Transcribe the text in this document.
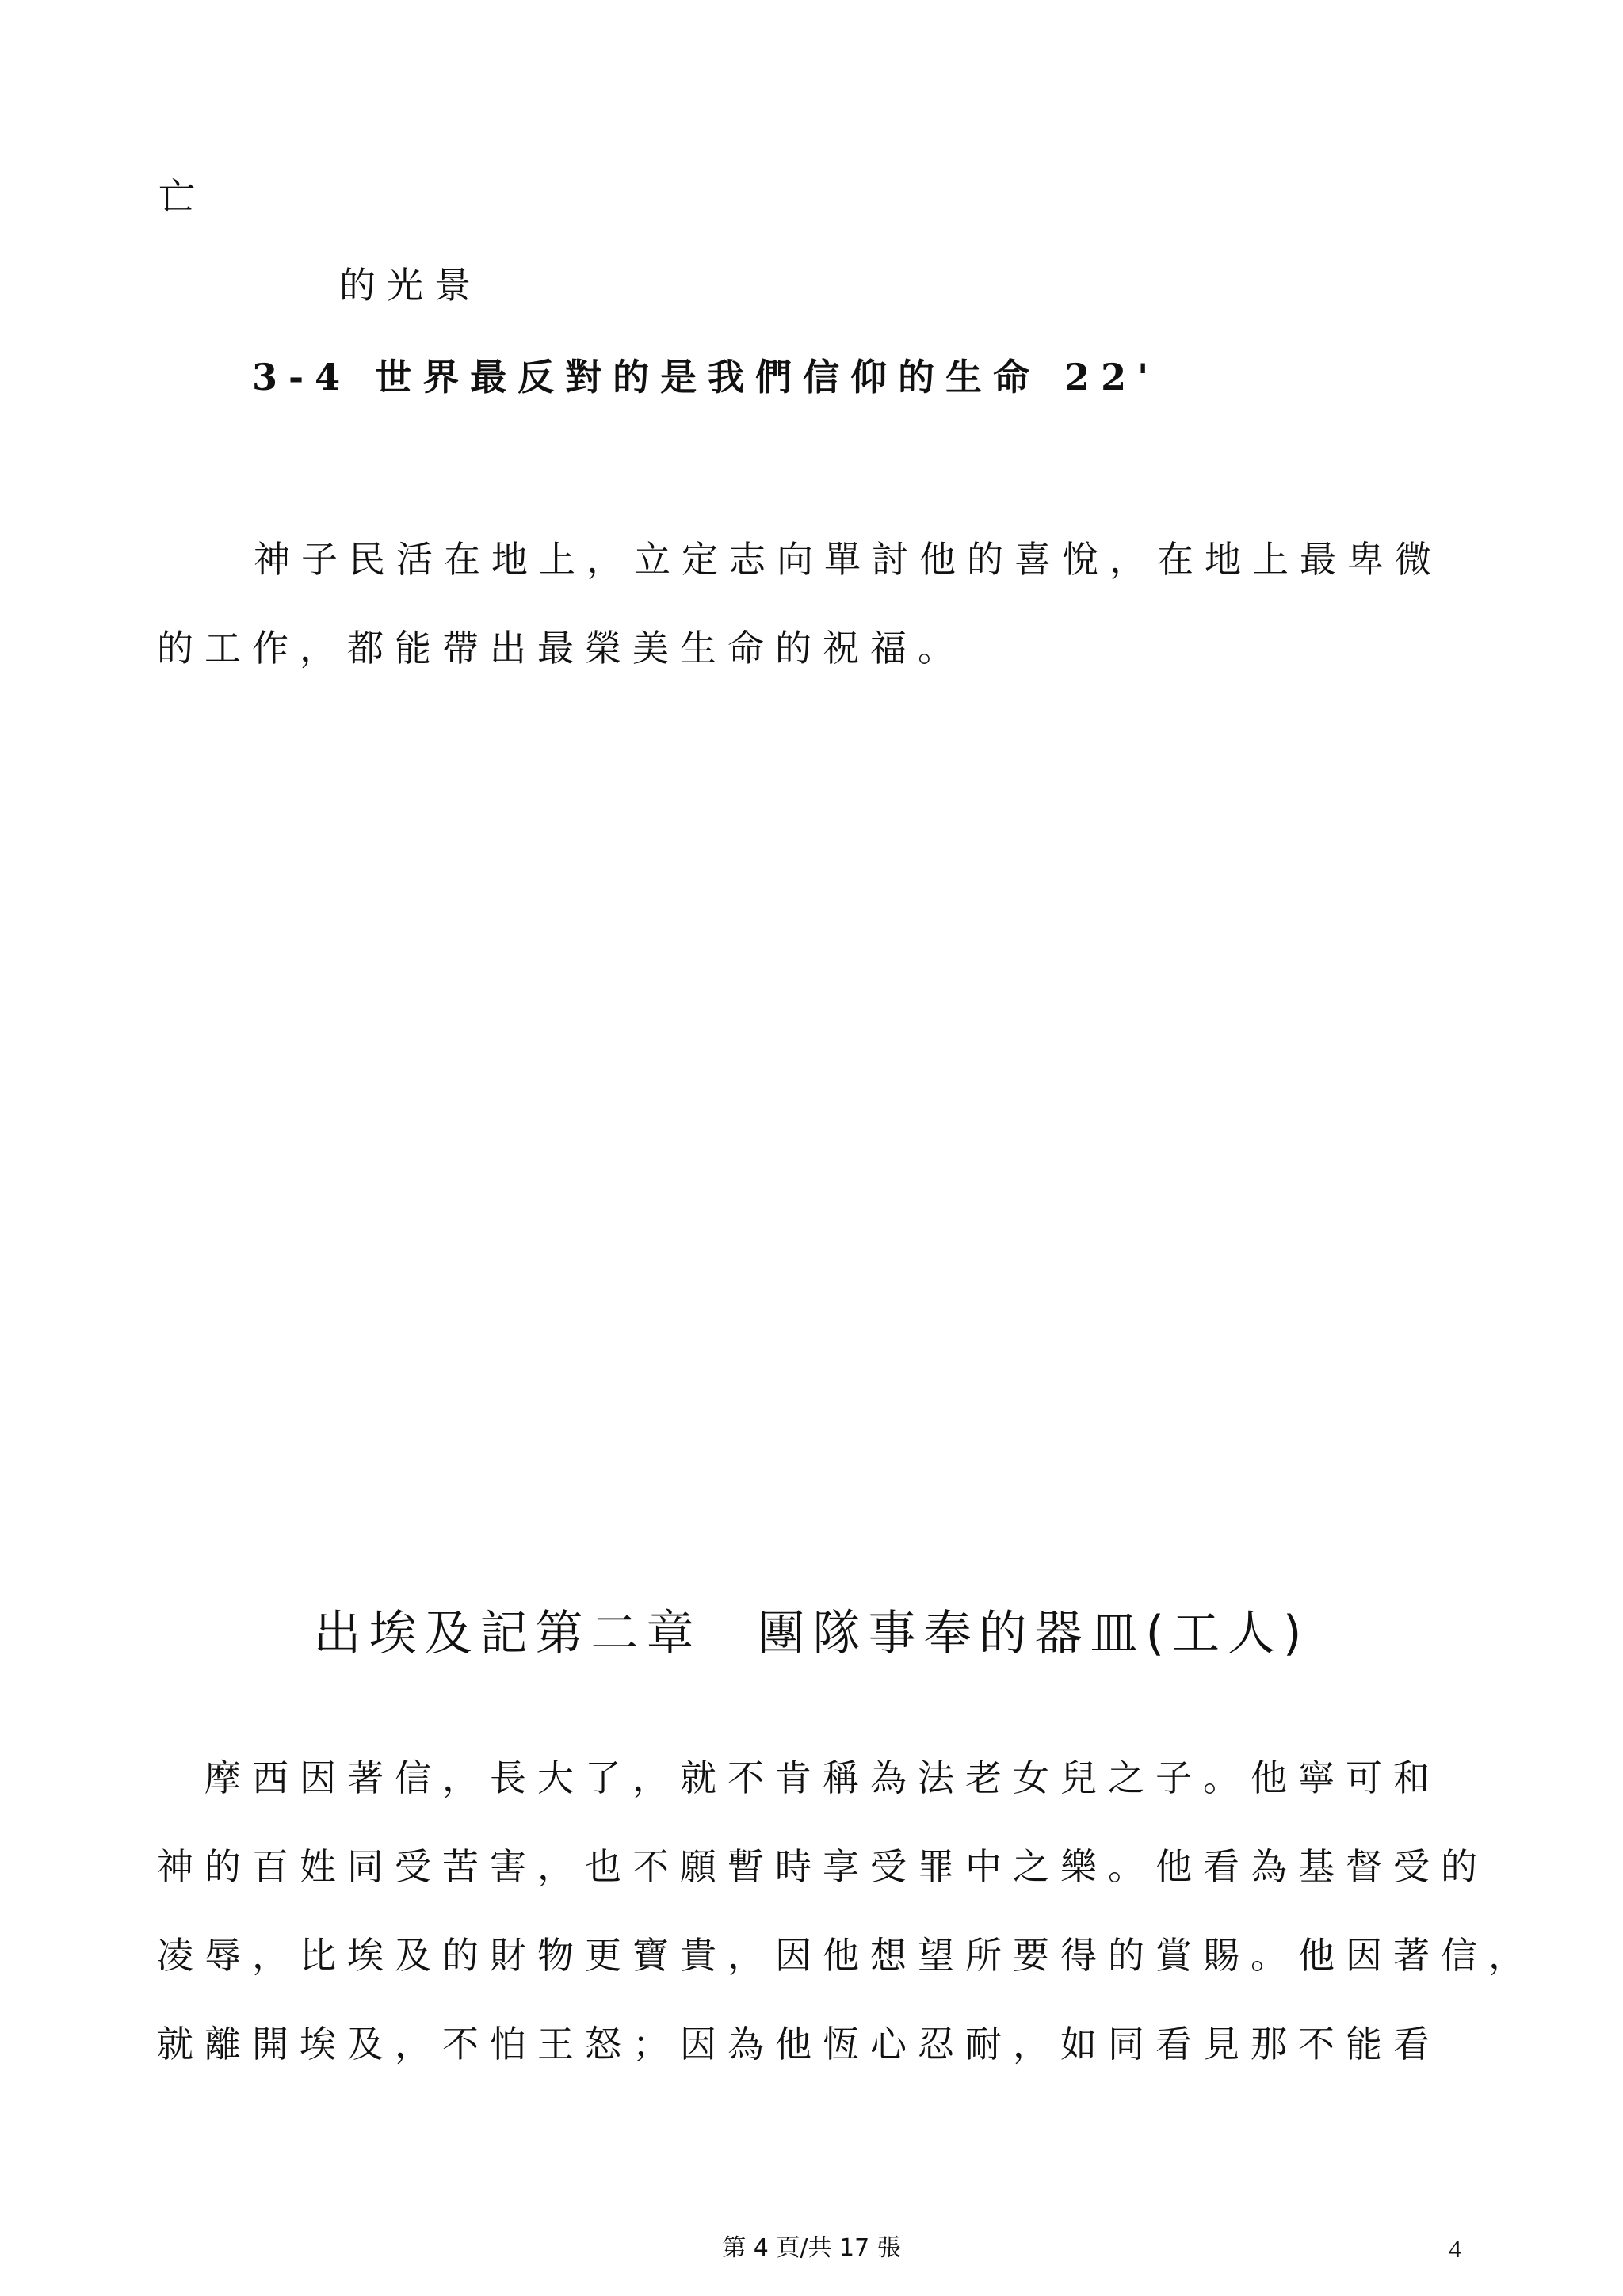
亡
的光景
3-4 世界最反對的是我們信仰的生命 22'
神子民活在地上，立定志向單討他的喜悅，在地上最卑微
的工作，都能帶出最榮美生命的祝福。
出埃及記第二章　團隊事奉的器皿(工人)
摩西因著信，長大了，就不肯稱為法老女兒之子。他寧可和
神的百姓同受苦害，也不願暫時享受罪中之樂。他看為基督受的
凌辱，比埃及的財物更寶貴，因他想望所要得的賞賜。他因著信，
就離開埃及，不怕王怒；因為他恆心忍耐，如同看見那不能看
第 4 頁/共 17 張	4
